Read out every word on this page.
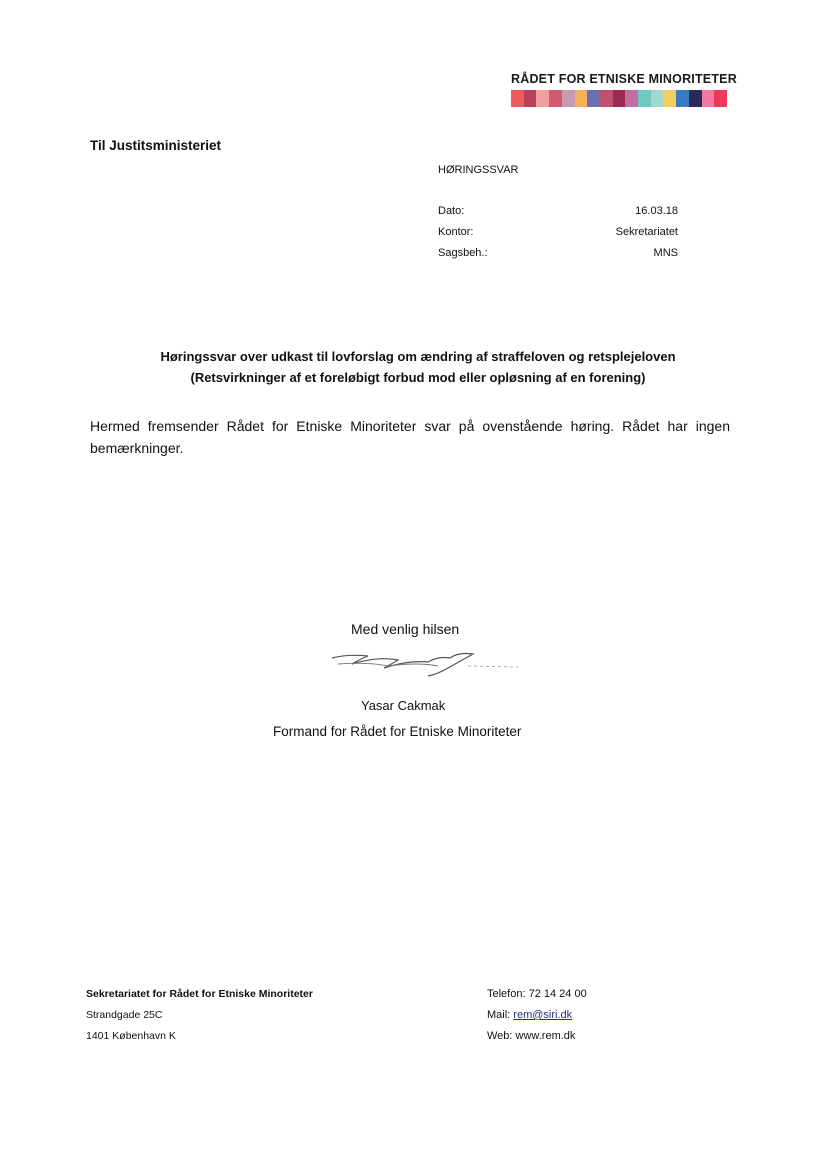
RÅDET FOR ETNISKE MINORITETER
Til Justitsministeriet
HØRINGSSVAR
Dato:	16.03.18
Kontor:	Sekretariatet
Sagsbeh.:	MNS
Høringssvar over udkast til lovforslag om ændring af straffeloven og retsplejeloven
(Retsvirkninger af et foreløbigt forbud mod eller opløsning af en forening)
Hermed fremsender Rådet for Etniske Minoriteter svar på ovenstående høring. Rådet har ingen bemærkninger.
Med venlig hilsen
Yasar Cakmak
Formand for Rådet for Etniske Minoriteter
Sekretariatet for Rådet for Etniske Minoriteter
Strandgade 25C
1401 København K
Telefon: 72 14 24 00
Mail: rem@siri.dk
Web: www.rem.dk
